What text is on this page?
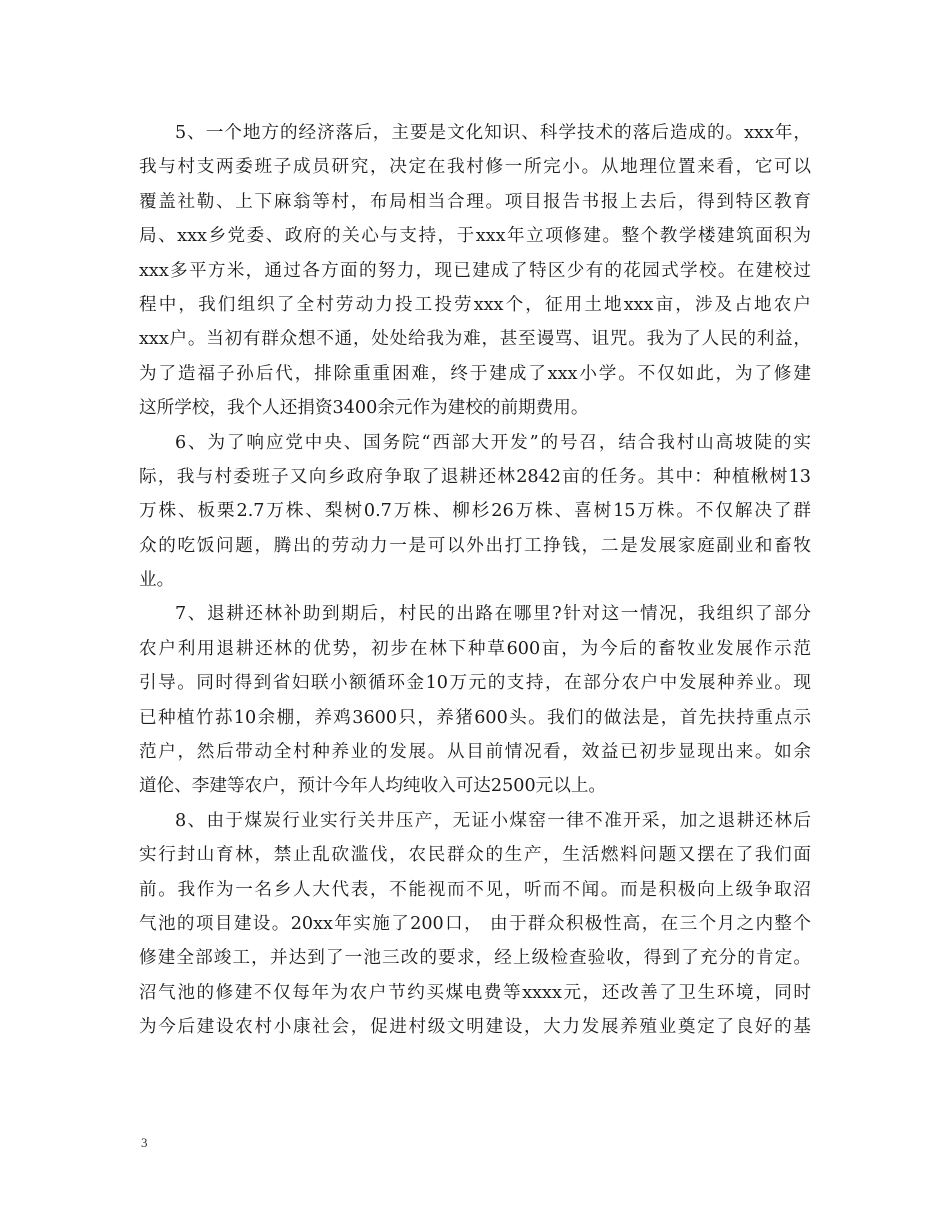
5、一个地方的经济落后，主要是文化知识、科学技术的落后造成的。xxx年，
我与村支两委班子成员研究，决定在我村修一所完小。从地理位置来看，它可以
覆盖社勒、上下麻翁等村，布局相当合理。项目报告书报上去后，得到特区教育
局、xxx乡党委、政府的关心与支持，于xxx年立项修建。整个教学楼建筑面积为
xxx多平方米，通过各方面的努力，现已建成了特区少有的花园式学校。在建校过
程中，我们组织了全村劳动力投工投劳xxx个，征用土地xxx亩，涉及占地农户
xxx户。当初有群众想不通，处处给我为难，甚至谩骂、诅咒。我为了人民的利益，
为了造福子孙后代，排除重重困难，终于建成了xxx小学。不仅如此，为了修建
这所学校，我个人还捐资3400余元作为建校的前期费用。
6、为了响应党中央、国务院“西部大开发”的号召，结合我村山高坡陡的实
际，我与村委班子又向乡政府争取了退耕还林2842亩的任务。其中：种植楸树13
万株、板栗2.7万株、梨树0.7万株、柳杉26万株、喜树15万株。不仅解决了群
众的吃饭问题，腾出的劳动力一是可以外出打工挣钱，二是发展家庭副业和畜牧
业。
7、退耕还林补助到期后，村民的出路在哪里?针对这一情况，我组织了部分
农户利用退耕还林的优势，初步在林下种草600亩，为今后的畜牧业发展作示范
引导。同时得到省妇联小额循环金10万元的支持，在部分农户中发展种养业。现
已种植竹荪10余棚，养鸡3600只，养猪600头。我们的做法是，首先扶持重点示
范户，然后带动全村种养业的发展。从目前情况看，效益已初步显现出来。如余
道伦、李建等农户，预计今年人均纯收入可达2500元以上。
8、由于煤炭行业实行关井压产，无证小煤窑一律不准开采，加之退耕还林后
实行封山育林，禁止乱砍滥伐，农民群众的生产，生活燃料问题又摆在了我们面
前。我作为一名乡人大代表，不能视而不见，听而不闻。而是积极向上级争取沼
气池的项目建设。20xx年实施了200口， 由于群众积极性高，在三个月之内整个
修建全部竣工，并达到了一池三改的要求，经上级检查验收，得到了充分的肯定。
沼气池的修建不仅每年为农户节约买煤电费等xxxx元，还改善了卫生环境，同时
为今后建设农村小康社会，促进村级文明建设，大力发展养殖业奠定了良好的基
3
